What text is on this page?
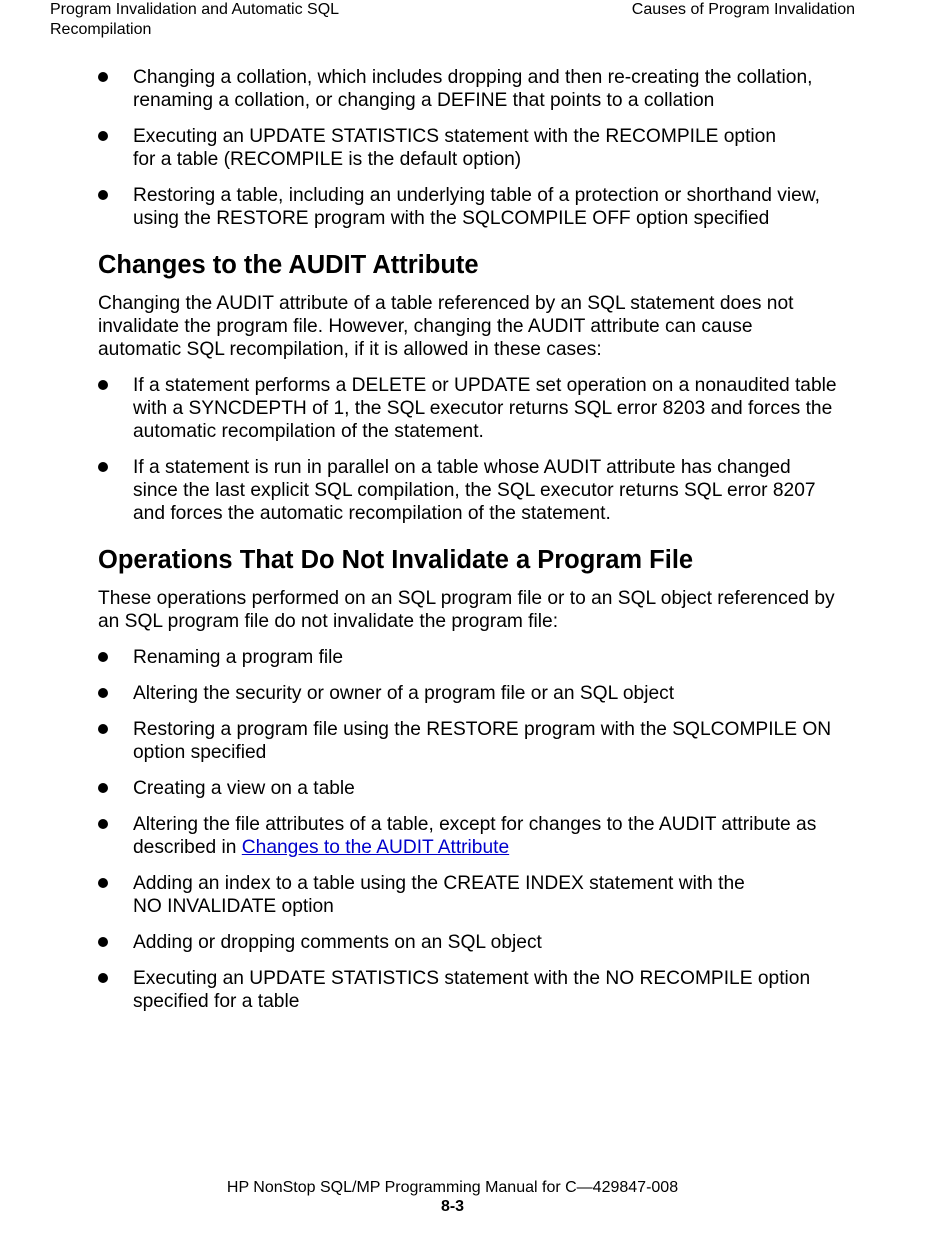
Program Invalidation and Automatic SQL
Recompilation
Causes of Program Invalidation
Changing a collation, which includes dropping and then re-creating the collation,
renaming a collation, or changing a DEFINE that points to a collation
Executing an UPDATE STATISTICS statement with the RECOMPILE option
for a table (RECOMPILE is the default option)
Restoring a table, including an underlying table of a protection or shorthand view,
using the RESTORE program with the SQLCOMPILE OFF option specified
Changes to the AUDIT Attribute

Changing the AUDIT attribute of a table referenced by an SQL statement does not
invalidate the program file. However, changing the AUDIT attribute can cause
automatic SQL recompilation, if it is allowed in these cases:

If a statement performs a DELETE or UPDATE set operation on a nonaudited table
with a SYNCDEPTH of 1, the SQL executor returns SQL error 8203 and forces the
automatic recompilation of the statement.
If a statement is run in parallel on a table whose AUDIT attribute has changed
since the last explicit SQL compilation, the SQL executor returns SQL error 8207
and forces the automatic recompilation of the statement.
Operations That Do Not Invalidate a Program File

These operations performed on an SQL program file or to an SQL object referenced by
an SQL program file do not invalidate the program file:

Renaming a program file
Altering the security or owner of a program file or an SQL object
Restoring a program file using the RESTORE program with the SQLCOMPILE ON
option specified
Creating a view on a table
Altering the file attributes of a table, except for changes to the AUDIT attribute as
described in Changes to the AUDIT Attribute
Adding an index to a table using the CREATE INDEX statement with the
NO INVALIDATE option
Adding or dropping comments on an SQL object
Executing an UPDATE STATISTICS statement with the NO RECOMPILE option
specified for a table
HP NonStop SQL/MP Programming Manual for C—429847-008
8-3
